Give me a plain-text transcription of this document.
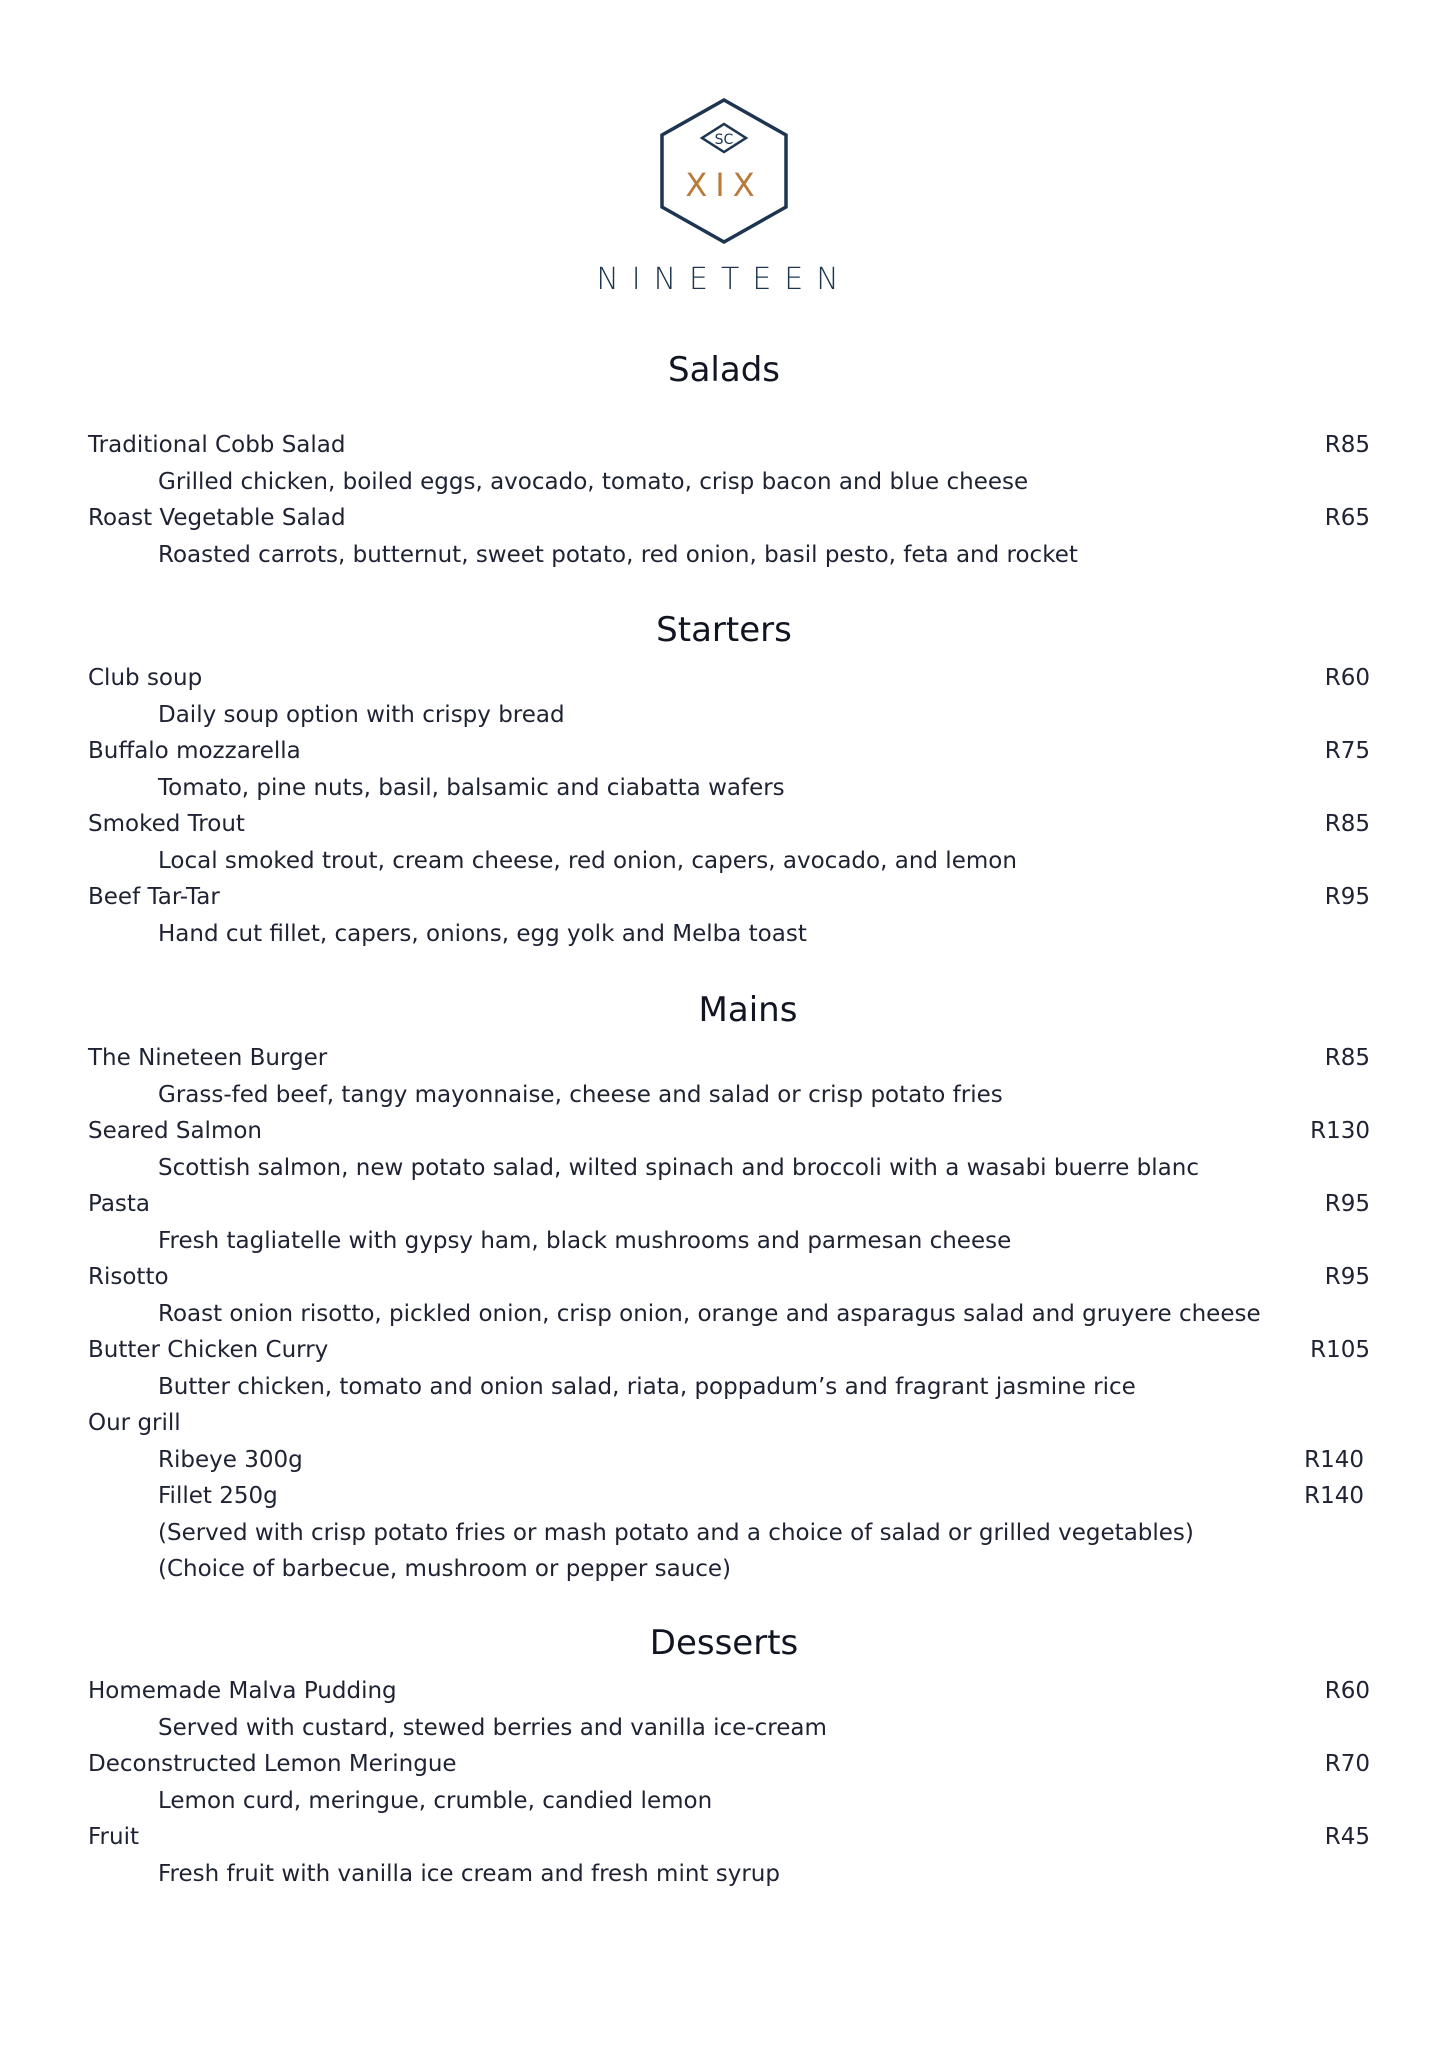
SC
XIX
NINETEEN
Salads
Traditional Cobb Salad	R85
Grilled chicken, boiled eggs, avocado, tomato, crisp bacon and blue cheese
Roast Vegetable Salad	R65
Roasted carrots, butternut, sweet potato, red onion, basil pesto, feta and rocket
Starters
Club soup	R60
Daily soup option with crispy bread
Buffalo mozzarella	R75
Tomato, pine nuts, basil, balsamic and ciabatta wafers
Smoked Trout	R85
Local smoked trout, cream cheese, red onion, capers, avocado, and lemon
Beef Tar-Tar	R95
Hand cut fillet, capers, onions, egg yolk and Melba toast
Mains
The Nineteen Burger	R85
Grass-fed beef, tangy mayonnaise, cheese and salad or crisp potato fries
Seared Salmon	R130
Scottish salmon, new potato salad, wilted spinach and broccoli with a wasabi buerre blanc
Pasta	R95
Fresh tagliatelle with gypsy ham, black mushrooms and parmesan cheese
Risotto	R95
Roast onion risotto, pickled onion, crisp onion, orange and asparagus salad and gruyere cheese
Butter Chicken Curry	R105
Butter chicken, tomato and onion salad, riata, poppadum’s and fragrant jasmine rice
Our grill
Ribeye 300g	R140
Fillet 250g	R140
(Served with crisp potato fries or mash potato and a choice of salad or grilled vegetables)
(Choice of barbecue, mushroom or pepper sauce)
Desserts
Homemade Malva Pudding	R60
Served with custard, stewed berries and vanilla ice-cream
Deconstructed Lemon Meringue	R70
Lemon curd, meringue, crumble, candied lemon
Fruit	R45
Fresh fruit with vanilla ice cream and fresh mint syrup
